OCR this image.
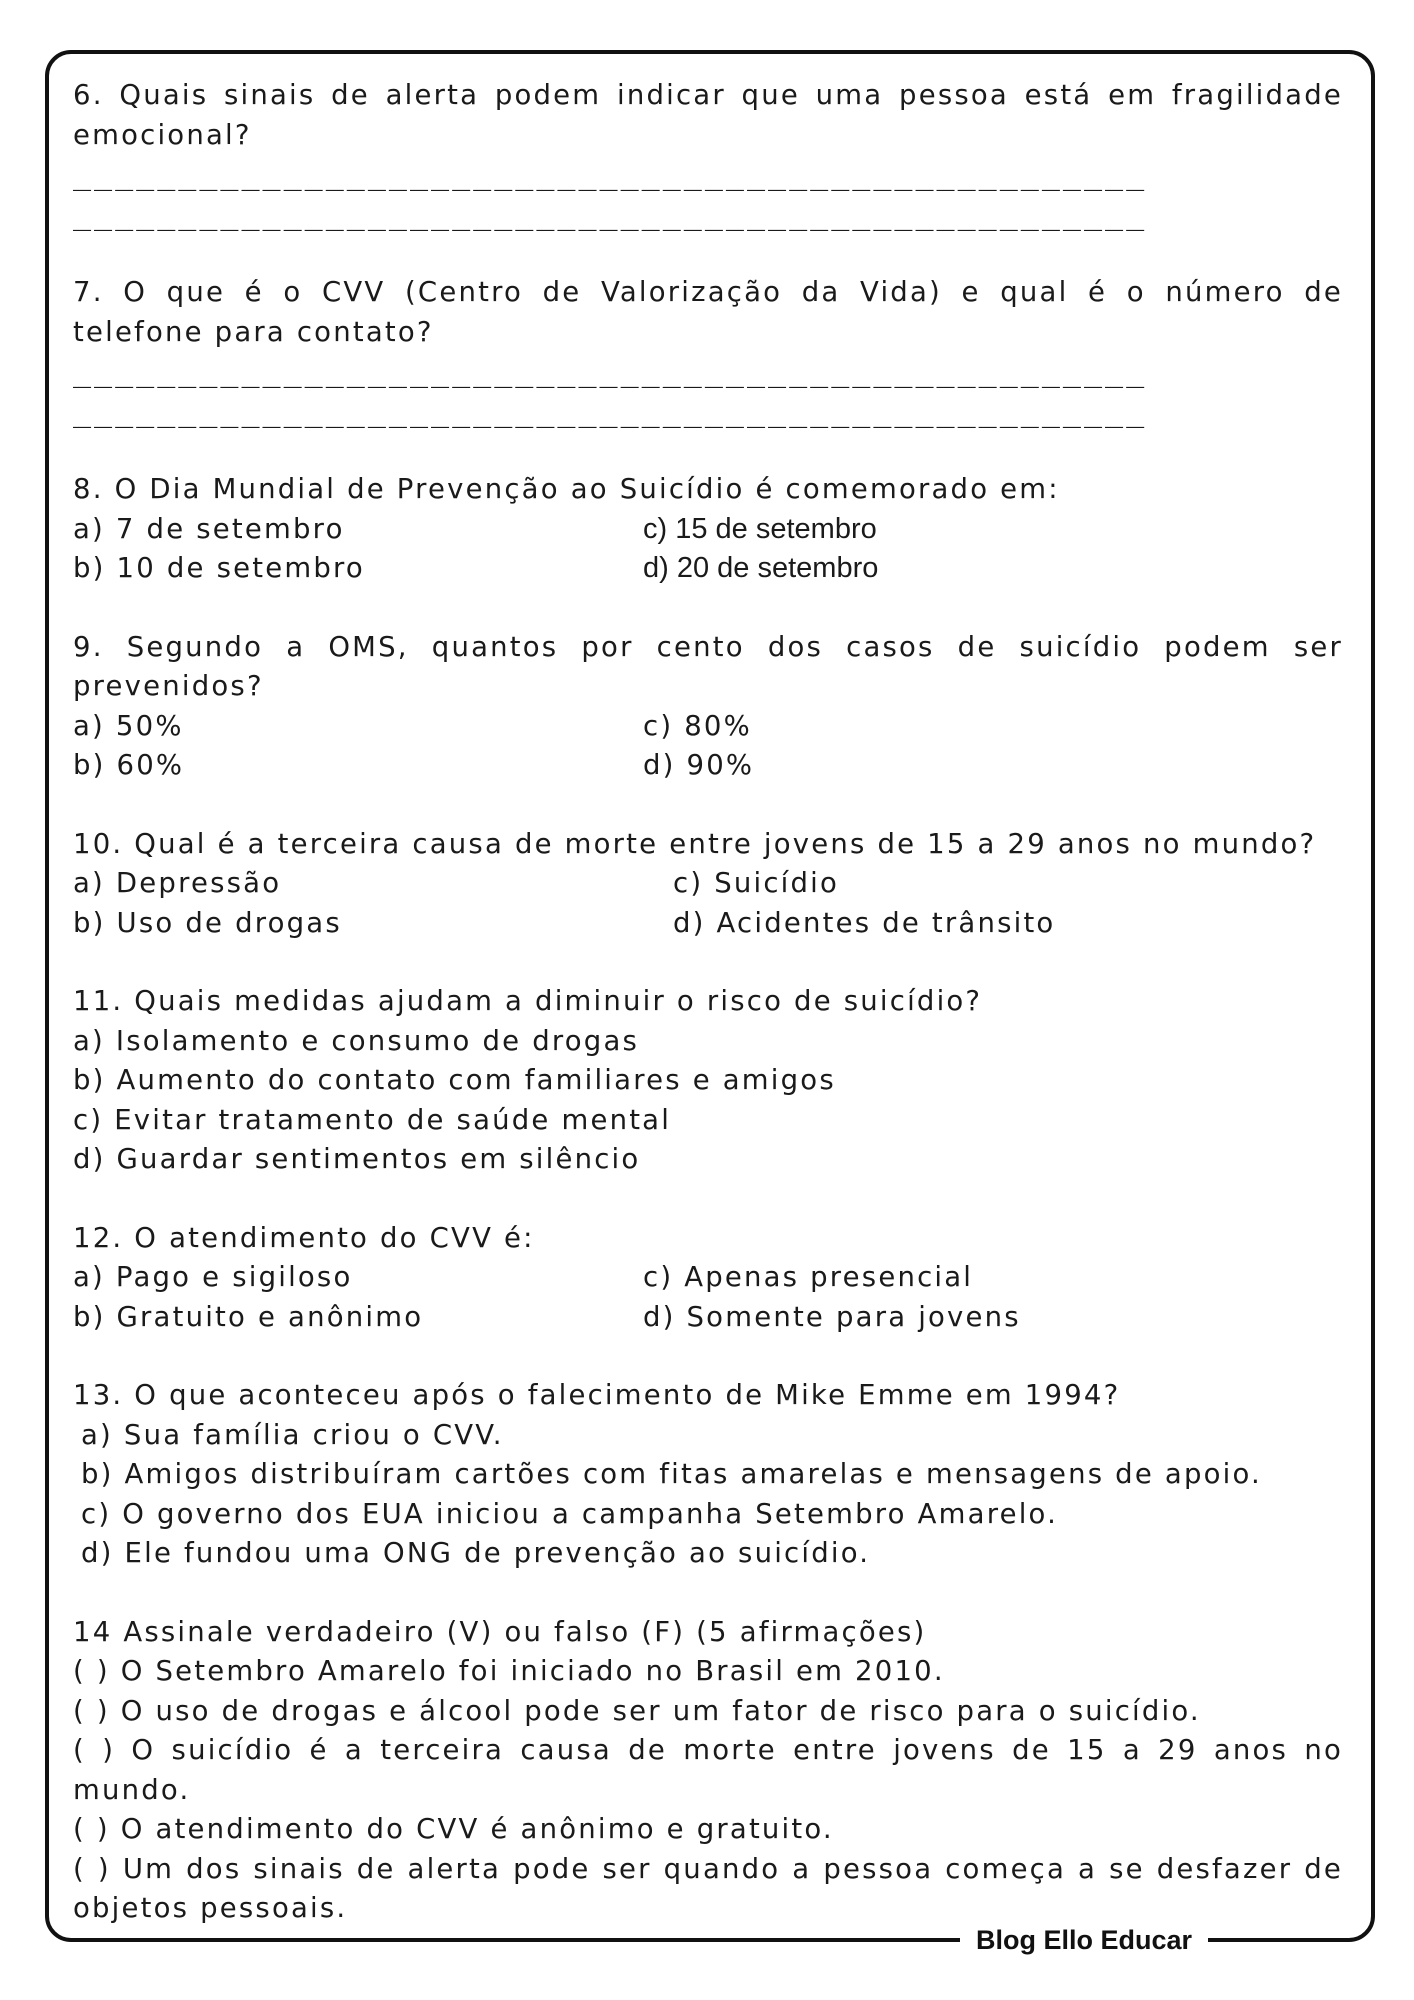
6. Quais sinais de alerta podem indicar que uma pessoa está em fragilidade emocional?

___________________________________________________
___________________________________________________

7. O que é o CVV (Centro de Valorização da Vida) e qual é o número de telefone para contato?

___________________________________________________
___________________________________________________

8. O Dia Mundial de Prevenção ao Suicídio é comemorado em:

a) 7 de setembro	c) 15 de setembro
b) 10 de setembro	d) 20 de setembro

9. Segundo a OMS, quantos por cento dos casos de suicídio podem ser prevenidos?

a) 50%	c) 80%
b) 60%	d) 90%

10. Qual é a terceira causa de morte entre jovens de 15 a 29 anos no mundo?

a) Depressão	c) Suicídio
b) Uso de drogas	d) Acidentes de trânsito

11. Quais medidas ajudam a diminuir o risco de suicídio?

a) Isolamento e consumo de drogas

b) Aumento do contato com familiares e amigos

c) Evitar tratamento de saúde mental

d) Guardar sentimentos em silêncio

12. O atendimento do CVV é:

a) Pago e sigiloso	c) Apenas presencial
b) Gratuito e anônimo	d) Somente para jovens

13. O que aconteceu após o falecimento de Mike Emme em 1994?

a) Sua família criou o CVV.

b) Amigos distribuíram cartões com fitas amarelas e mensagens de apoio.

c) O governo dos EUA iniciou a campanha Setembro Amarelo.

d) Ele fundou uma ONG de prevenção ao suicídio.

14 Assinale verdadeiro (V) ou falso (F) (5 afirmações)

( ) O Setembro Amarelo foi iniciado no Brasil em 2010.

( ) O uso de drogas e álcool pode ser um fator de risco para o suicídio.

( ) O suicídio é a terceira causa de morte entre jovens de 15 a 29 anos no mundo.

( ) O atendimento do CVV é anônimo e gratuito.

( ) Um dos sinais de alerta pode ser quando a pessoa começa a se desfazer de objetos pessoais.

Blog Ello Educar
